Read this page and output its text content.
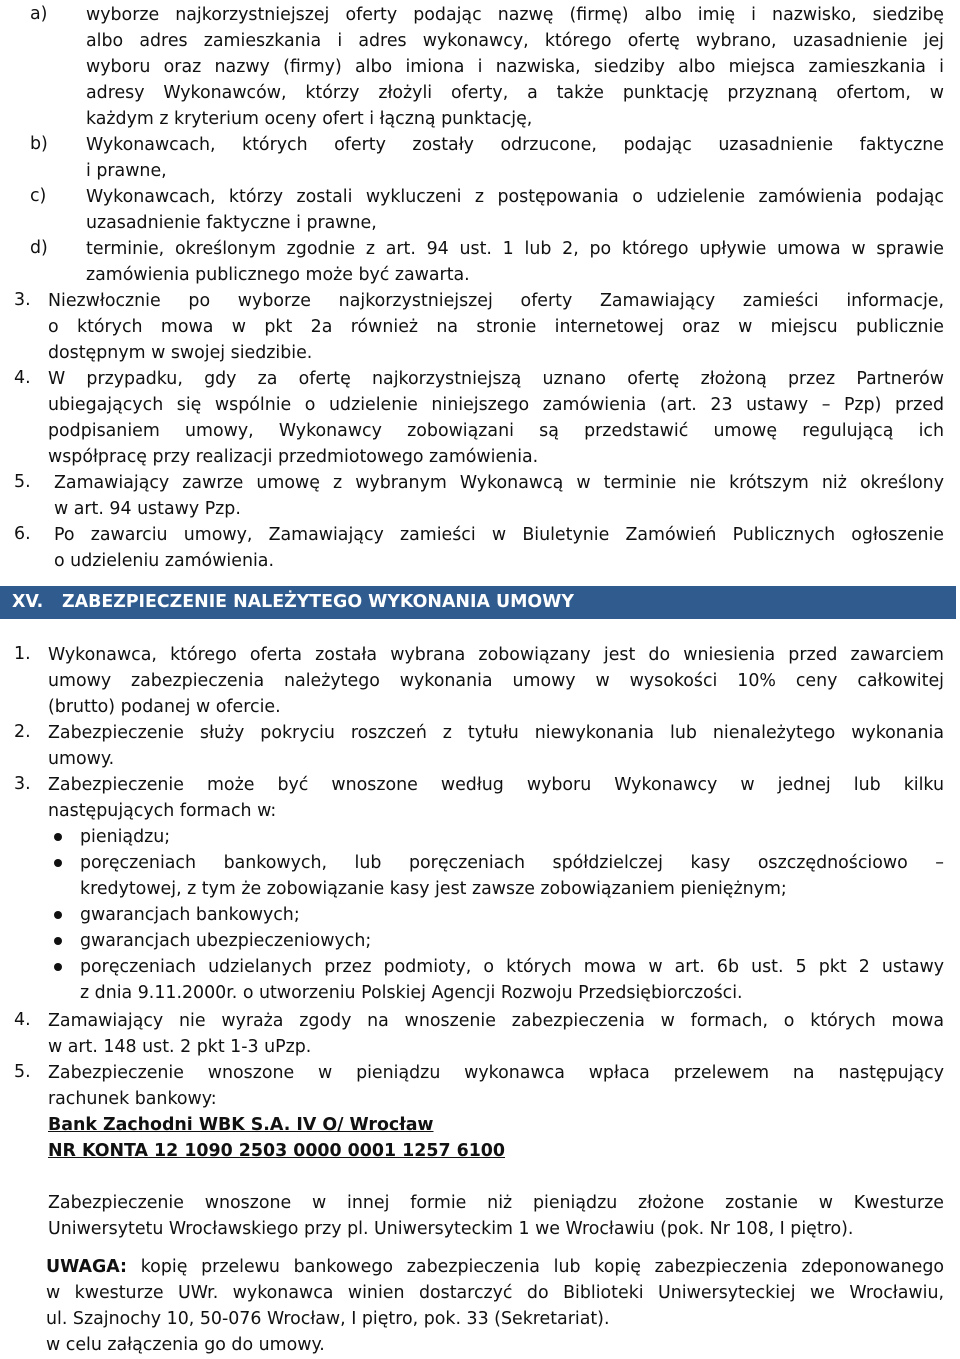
a) wyborze najkorzystniejszej oferty podając nazwę (firmę) albo imię i nazwisko, siedzibę
albo adres zamieszkania i adres wykonawcy, którego ofertę wybrano, uzasadnienie jej
wyboru oraz nazwy (firmy) albo imiona i nazwiska, siedziby albo miejsca zamieszkania i
adresy Wykonawców, którzy złożyli oferty, a także punktację przyznaną ofertom, w
każdym z kryterium oceny ofert i łączną punktację,
b) Wykonawcach, których oferty zostały odrzucone, podając uzasadnienie faktyczne
i prawne,
c) Wykonawcach, którzy zostali wykluczeni z postępowania o udzielenie zamówienia podając
uzasadnienie faktyczne i prawne,
d) terminie, określonym zgodnie z art. 94 ust. 1 lub 2, po którego upływie umowa w sprawie
zamówienia publicznego może być zawarta.
3. Niezwłocznie po wyborze najkorzystniejszej oferty Zamawiający zamieści informacje,
o których mowa w pkt 2a również na stronie internetowej oraz w miejscu publicznie
dostępnym w swojej siedzibie.
4. W przypadku, gdy za ofertę najkorzystniejszą uznano ofertę złożoną przez Partnerów
ubiegających się wspólnie o udzielenie niniejszego zamówienia (art. 23 ustawy – Pzp) przed
podpisaniem umowy, Wykonawcy zobowiązani są przedstawić umowę regulującą ich
współpracę przy realizacji przedmiotowego zamówienia.
5. Zamawiający zawrze umowę z wybranym Wykonawcą w terminie nie krótszym niż określony
w art. 94 ustawy Pzp.
6. Po zawarciu umowy, Zamawiający zamieści w Biuletynie Zamówień Publicznych ogłoszenie
o udzieleniu zamówienia.
XV. ZABEZPIECZENIE NALEŻYTEGO WYKONANIA UMOWY
1. Wykonawca, którego oferta została wybrana zobowiązany jest do wniesienia przed zawarciem
umowy zabezpieczenia należytego wykonania umowy w wysokości 10% ceny całkowitej
(brutto) podanej w ofercie.
2. Zabezpieczenie służy pokryciu roszczeń z tytułu niewykonania lub nienależytego wykonania
umowy.
3. Zabezpieczenie może być wnoszone według wyboru Wykonawcy w jednej lub kilku
następujących formach w:
pieniądzu;
poręczeniach bankowych, lub poręczeniach spółdzielczej kasy oszczędnościowo –
kredytowej, z tym że zobowiązanie kasy jest zawsze zobowiązaniem pieniężnym;
gwarancjach bankowych;
gwarancjach ubezpieczeniowych;
poręczeniach udzielanych przez podmioty, o których mowa w art. 6b ust. 5 pkt 2 ustawy
z dnia 9.11.2000r. o utworzeniu Polskiej Agencji Rozwoju Przedsiębiorczości.
4. Zamawiający nie wyraża zgody na wnoszenie zabezpieczenia w formach, o których mowa
w art. 148 ust. 2 pkt 1-3 uPzp.
5. Zabezpieczenie wnoszone w pieniądzu wykonawca wpłaca przelewem na następujący
rachunek bankowy:
Bank Zachodni WBK S.A. IV O/ Wrocław
NR KONTA 12 1090 2503 0000 0001 1257 6100
Zabezpieczenie wnoszone w innej formie niż pieniądzu złożone zostanie w Kwesturze
Uniwersytetu Wrocławskiego przy pl. Uniwersyteckim 1 we Wrocławiu (pok. Nr 108, I piętro).
UWAGA: kopię przelewu bankowego zabezpieczenia lub kopię zabezpieczenia zdeponowanego
w kwesturze UWr. wykonawca winien dostarczyć do Biblioteki Uniwersyteckiej we Wrocławiu,
ul. Szajnochy 10, 50-076 Wrocław, I piętro, pok. 33 (Sekretariat).
w celu załączenia go do umowy.
